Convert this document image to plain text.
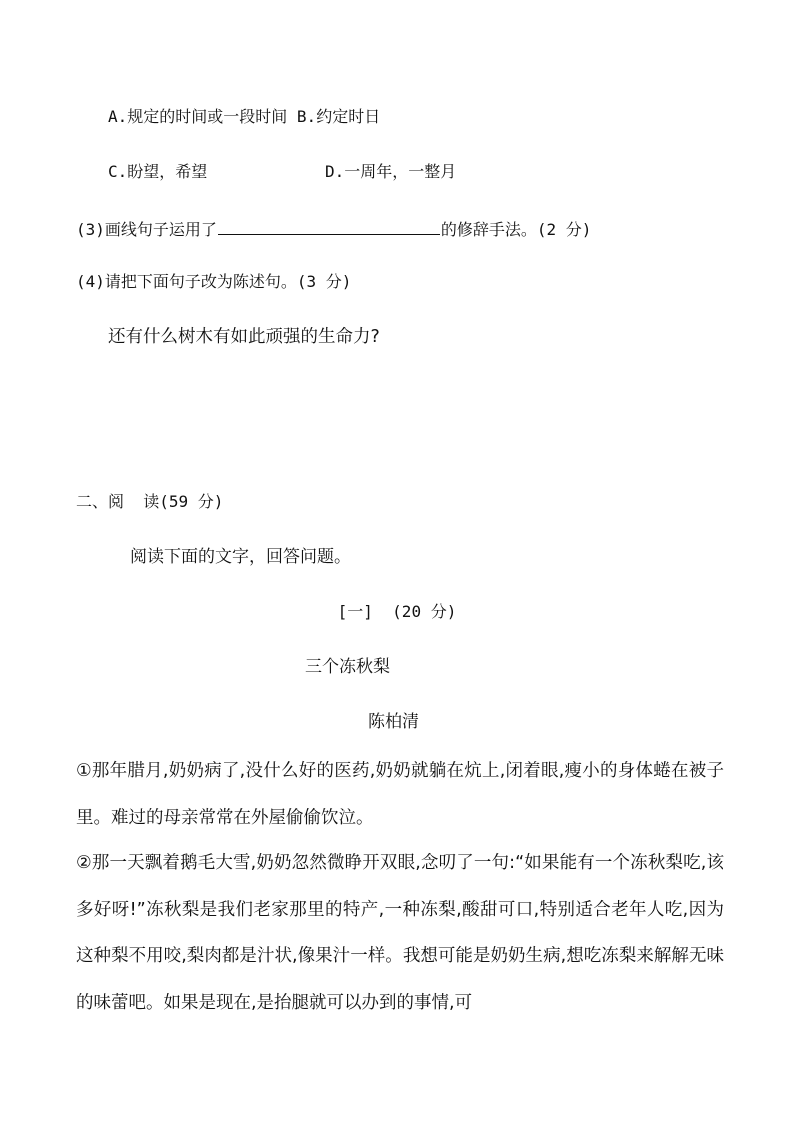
A.规定的时间或一段时间 B.约定时日
C.盼望，希望	D.一周年，一整月
(3)画线句子运用了	的修辞手法。(2 分)
(4)请把下面句子改为陈述句。(3 分)
还有什么树木有如此顽强的生命力?
二、阅  读(59 分)
阅读下面的文字，回答问题。
[一]  (20 分)
三个冻秋梨
陈柏清
①那年腊月,奶奶病了,没什么好的医药,奶奶就躺在炕上,闭着眼,瘦小的身体蜷在被子里。难过的母亲常常在外屋偷偷饮泣。
②那一天飘着鹅毛大雪,奶奶忽然微睁开双眼,念叨了一句:“如果能有一个冻秋梨吃,该多好呀!”冻秋梨是我们老家那里的特产,一种冻梨,酸甜可口,特别适合老年人吃,因为这种梨不用咬,梨肉都是汁状,像果汁一样。我想可能是奶奶生病,想吃冻梨来解解无味的味蕾吧。如果是现在,是抬腿就可以办到的事情,可
